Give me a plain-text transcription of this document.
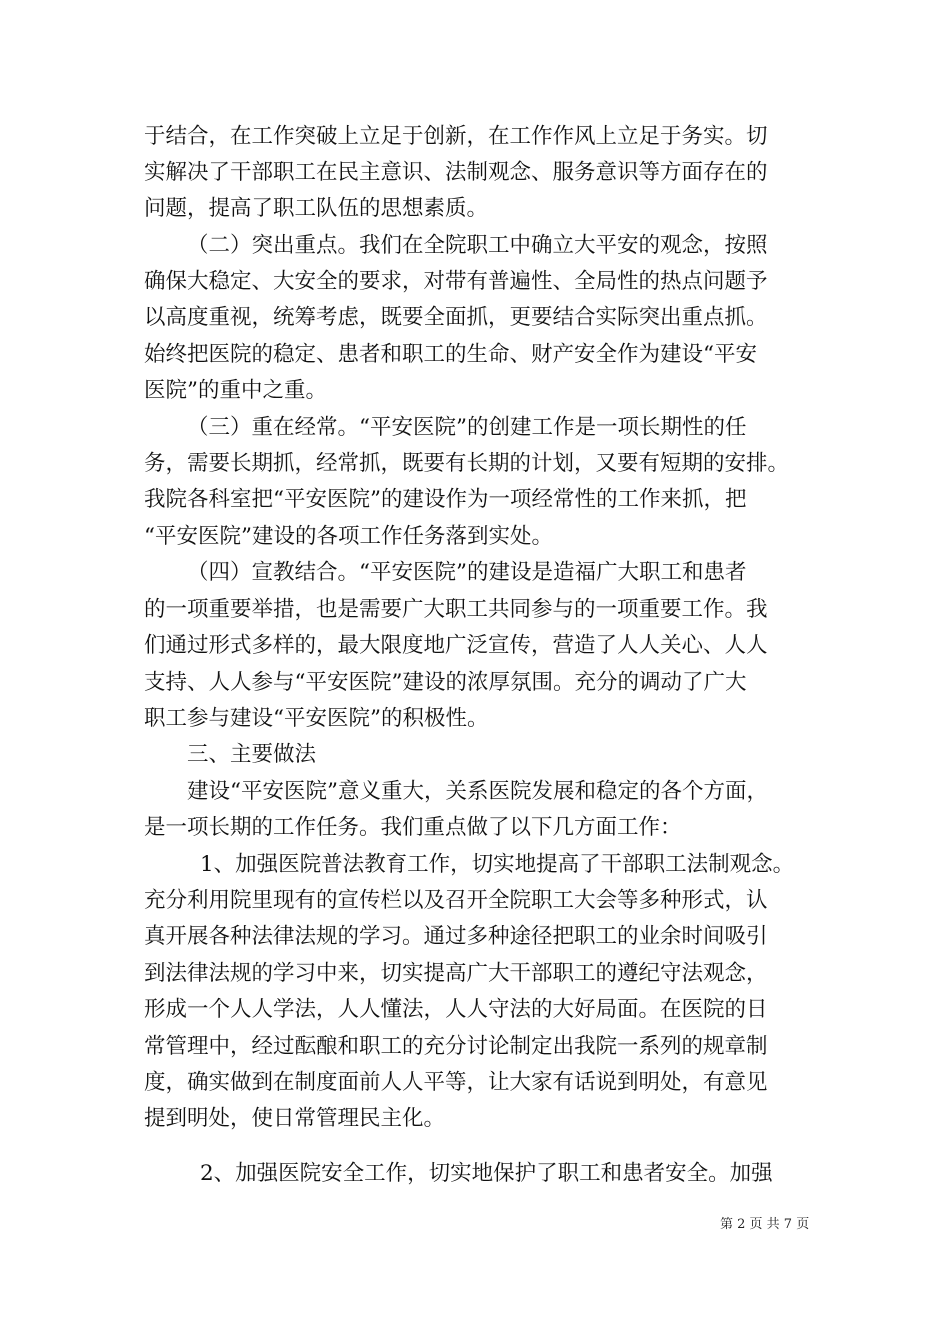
于结合，在工作突破上立足于创新，在工作作风上立足于务实。切
实解决了干部职工在民主意识、法制观念、服务意识等方面存在的
问题，提高了职工队伍的思想素质。
（二）突出重点。我们在全院职工中确立大平安的观念，按照
确保大稳定、大安全的要求，对带有普遍性、全局性的热点问题予
以高度重视，统筹考虑，既要全面抓，更要结合实际突出重点抓。
始终把医院的稳定、患者和职工的生命、财产安全作为建设“平安
医院”的重中之重。
（三）重在经常。“平安医院”的创建工作是一项长期性的任
务，需要长期抓，经常抓，既要有长期的计划，又要有短期的安排。
我院各科室把“平安医院”的建设作为一项经常性的工作来抓，把
“平安医院”建设的各项工作任务落到实处。
（四）宣教结合。“平安医院”的建设是造福广大职工和患者
的一项重要举措，也是需要广大职工共同参与的一项重要工作。我
们通过形式多样的，最大限度地广泛宣传，营造了人人关心、人人
支持、人人参与“平安医院”建设的浓厚氛围。充分的调动了广大
职工参与建设“平安医院”的积极性。
三、主要做法
建设“平安医院”意义重大，关系医院发展和稳定的各个方面，
是一项长期的工作任务。我们重点做了以下几方面工作：
1、加强医院普法教育工作，切实地提高了干部职工法制观念。
充分利用院里现有的宣传栏以及召开全院职工大会等多种形式，认
真开展各种法律法规的学习。通过多种途径把职工的业余时间吸引
到法律法规的学习中来，切实提高广大干部职工的遵纪守法观念，
形成一个人人学法，人人懂法，人人守法的大好局面。在医院的日
常管理中，经过酝酿和职工的充分讨论制定出我院一系列的规章制
度，确实做到在制度面前人人平等，让大家有话说到明处，有意见
提到明处，使日常管理民主化。
2、加强医院安全工作，切实地保护了职工和患者安全。加强
第 2 页 共 7 页
